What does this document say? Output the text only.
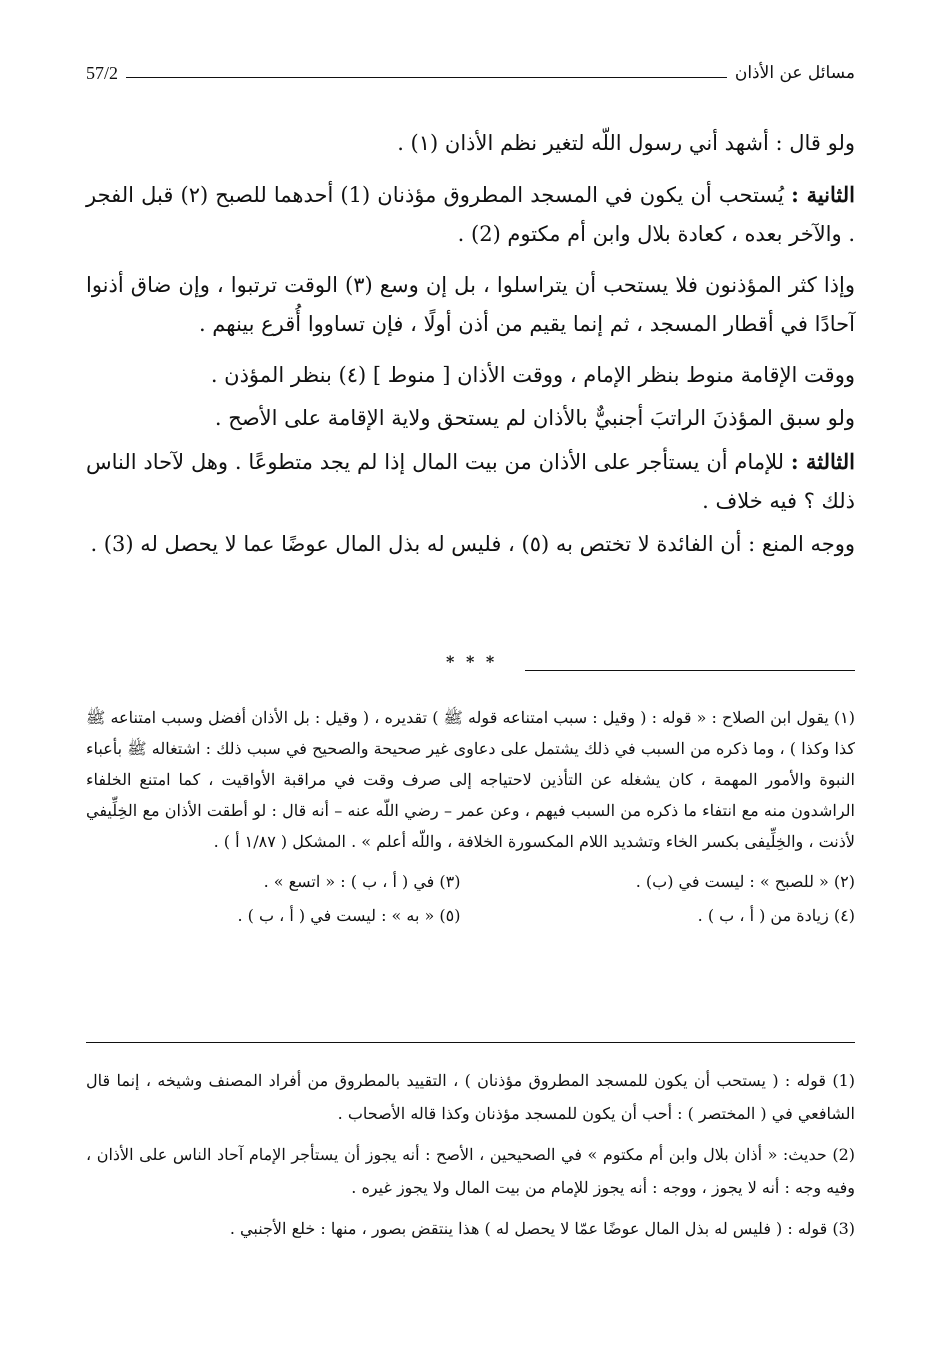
مسائل عن الأذان
57/2

ولو قال : أشهد أني رسول اللّه لتغير نظم الأذان (١) .

الثانية : يُستحب أن يكون في المسجد المطروق مؤذنان (1) أحدهما للصبح (٢) قبل الفجر . والآخر بعده ، كعادة بلال وابن أم مكتوم (2) .

وإذا كثر المؤذنون فلا يستحب أن يتراسلوا ، بل إن وسع (٣) الوقت ترتبوا ، وإن ضاق أذنوا آحادًا في أقطار المسجد ، ثم إنما يقيم من أذن أولًا ، فإن تساووا أُقرع بينهم .

ووقت الإقامة منوط بنظر الإمام ، ووقت الأذان [ منوط ] (٤) بنظر المؤذن .

ولو سبق المؤذنَ الراتبَ أجنبيٌّ بالأذان لم يستحق ولاية الإقامة على الأصح .

الثالثة : للإمام أن يستأجر على الأذان من بيت المال إذا لم يجد متطوعًا . وهل لآحاد الناس ذلك ؟ فيه خلاف .

ووجه المنع : أن الفائدة لا تختص به (٥) ، فليس له بذل المال عوضًا عما لا يحصل له (3) .

* * *

(١) يقول ابن الصلاح : « قوله : ( وقيل : سبب امتناعه قوله ﷺ ) تقديره ، ( وقيل : بل الأذان أفضل وسبب امتناعه ﷺ كذا وكذا ) ، وما ذكره من السبب في ذلك يشتمل على دعاوى غير صحيحة والصحيح في سبب ذلك : اشتغاله ﷺ بأعباء النبوة والأمور المهمة ، كان يشغله عن التأذين لاحتياجه إلى صرف وقت في مراقبة الأواقيت ، كما امتنع الخلفاء الراشدون منه مع انتفاء ما ذكره من السبب فيهم ، وعن عمر – رضي اللّه عنه – أنه قال : لو أطقت الأذان مع الخِلِّيفي لأذنت ، والخِلِّيفى بكسر الخاء وتشديد اللام المكسورة الخلافة ، واللّه أعلم » . المشكل ( ١/٨٧ أ ) .

(٢) « للصبح » : ليست في (ب) .

(٣) في ( أ ، ب ) : « اتسع » .

(٤) زيادة من ( أ ، ب ) .

(٥) « به » : ليست في ( أ ، ب ) .

(1) قوله : ( يستحب أن يكون للمسجد المطروق مؤذنان ) ، التقييد بالمطروق من أفراد المصنف وشيخه ، إنما قال الشافعي في ( المختصر ) : أحب أن يكون للمسجد مؤذنان وكذا قاله الأصحاب .

(2) حديث: « أذان بلال وابن أم مكتوم » في الصحيحين ، الأصح : أنه يجوز أن يستأجر الإمام آحاد الناس على الأذان ، وفيه وجه : أنه لا يجوز ، ووجه : أنه يجوز للإمام من بيت المال ولا يجوز غيره .

(3) قوله : ( فليس له بذل المال عوضًا عمّا لا يحصل له ) هذا ينتقض بصور ، منها : خلع الأجنبي .
